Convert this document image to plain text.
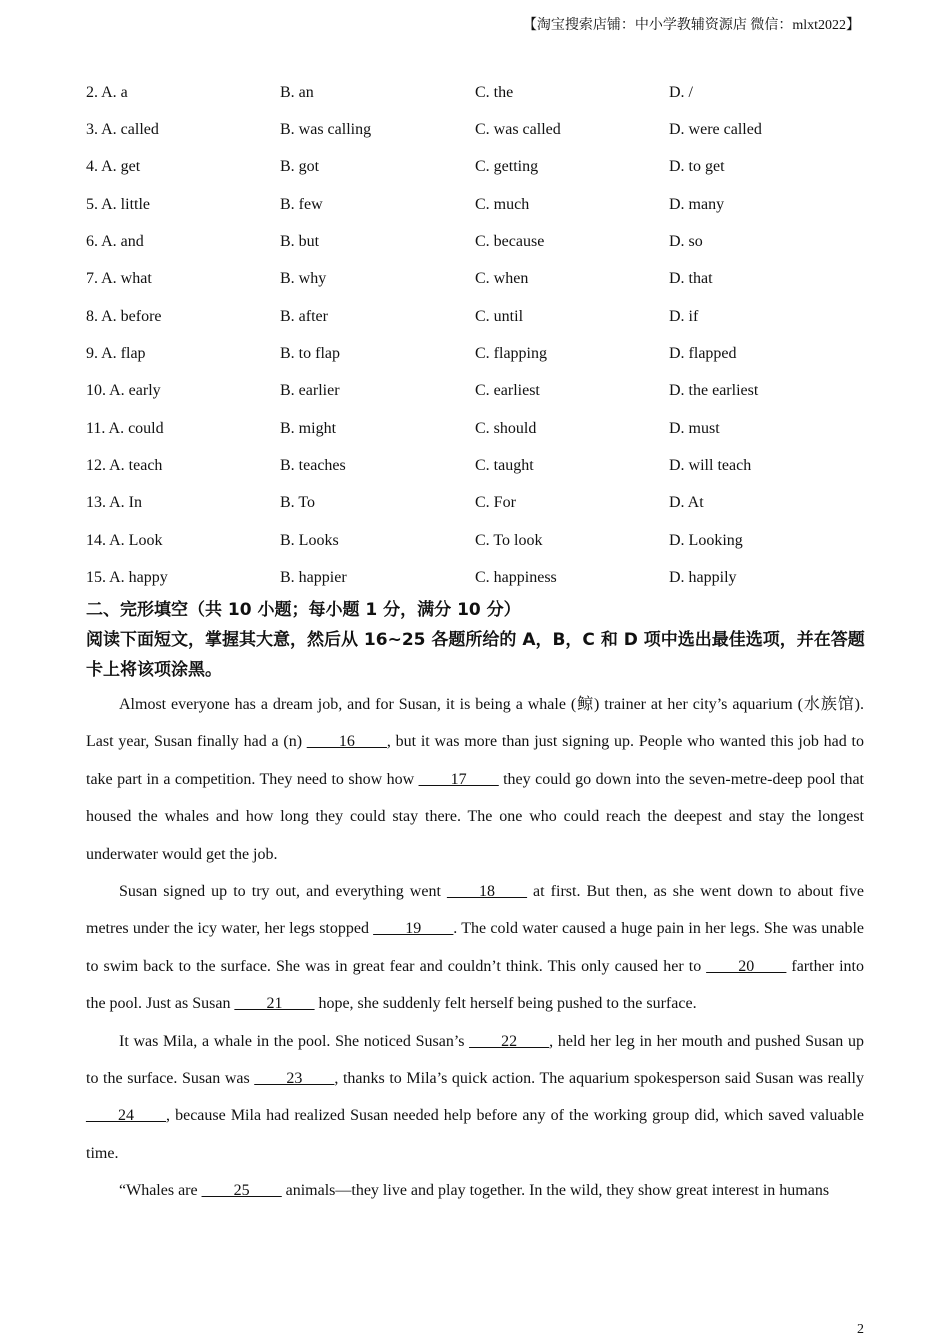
【淘宝搜索店铺：中小学教辅资源店 微信：mlxt2022】
2. A. a	B. an	C. the	D. /
3. A. called	B. was calling	C. was called	D. were called
4. A. get	B. got	C. getting	D. to get
5. A. little	B. few	C. much	D. many
6. A. and	B. but	C. because	D. so
7. A. what	B. why	C. when	D. that
8. A. before	B. after	C. until	D. if
9. A. flap	B. to flap	C. flapping	D. flapped
10. A. early	B. earlier	C. earliest	D. the earliest
11. A. could	B. might	C. should	D. must
12. A. teach	B. teaches	C. taught	D. will teach
13. A. In	B. To	C. For	D. At
14. A. Look	B. Looks	C. To look	D. Looking
15. A. happy	B. happier	C. happiness	D. happily
二、完形填空（共 10 小题；每小题 1 分，满分 10 分）
阅读下面短文，掌握其大意，然后从 16~25 各题所给的 A，B，C 和 D 项中选出最佳选项，并在答题卡上将该项涂黑。

Almost everyone has a dream job, and for Susan, it is being a whale (鲸) trainer at her city’s aquarium (水族馆). Last year, Susan finally had a (n) ____16____, but it was more than just signing up. People who wanted this job had to take part in a competition. They need to show how ____17____ they could go down into the seven-metre-deep pool that housed the whales and how long they could stay there. The one who could reach the deepest and stay the longest underwater would get the job.

Susan signed up to try out, and everything went ____18____ at first. But then, as she went down to about five metres under the icy water, her legs stopped ____19____. The cold water caused a huge pain in her legs. She was unable to swim back to the surface. She was in great fear and couldn’t think. This only caused her to ____20____ farther into the pool. Just as Susan ____21____ hope, she suddenly felt herself being pushed to the surface.

It was Mila, a whale in the pool. She noticed Susan’s ____22____, held her leg in her mouth and pushed Susan up to the surface. Susan was ____23____, thanks to Mila’s quick action. The aquarium spokesperson said Susan was really ____24____, because Mila had realized Susan needed help before any of the working group did, which saved valuable time.

“Whales are ____25____ animals—they live and play together. In the wild, they show great interest in humans

2
